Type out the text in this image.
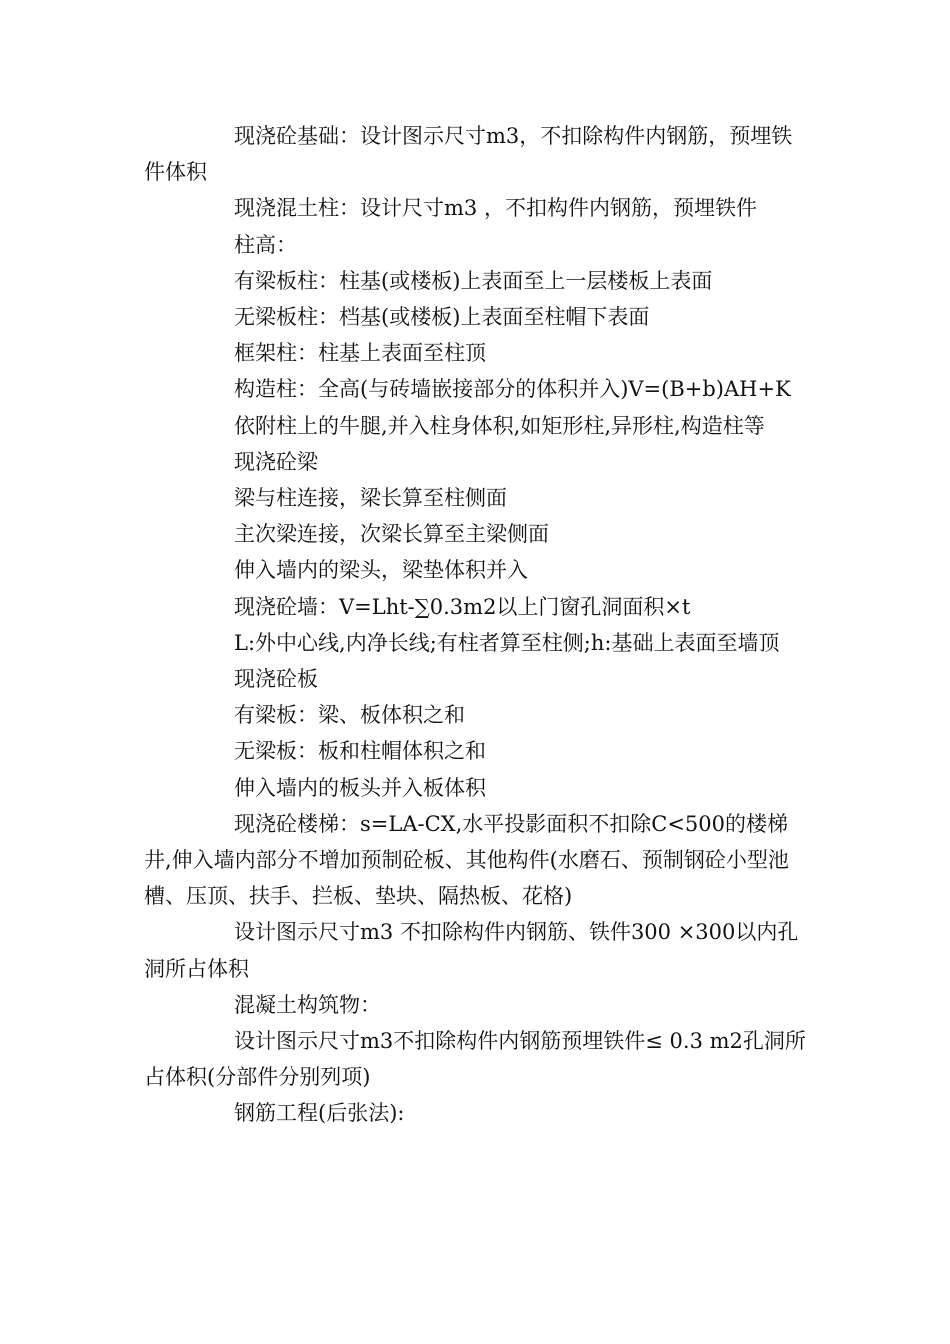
现浇砼基础：设计图示尺寸m3，不扣除构件内钢筋，预埋铁件体积

现浇混土柱：设计尺寸m3 ，不扣构件内钢筋，预埋铁件

柱高：

有梁板柱：柱基(或楼板)上表面至上一层楼板上表面

无梁板柱：档基(或楼板)上表面至柱帽下表面

框架柱：柱基上表面至柱顶

构造柱：全高(与砖墙嵌接部分的体积并入)V=(B+b)AH+K

依附柱上的牛腿,并入柱身体积,如矩形柱,异形柱,构造柱等

现浇砼梁

梁与柱连接，梁长算至柱侧面

主次梁连接，次梁长算至主梁侧面

伸入墙内的梁头，梁垫体积并入

现浇砼墙：V=Lht-∑0.3m2以上门窗孔洞面积×t

L:外中心线,内净长线;有柱者算至柱侧;h:基础上表面至墙顶

现浇砼板

有梁板：梁、板体积之和

无梁板：板和柱帽体积之和

伸入墙内的板头并入板体积

现浇砼楼梯：s=LA-CX,水平投影面积不扣除C<500的楼梯井,伸入墙内部分不增加预制砼板、其他构件(水磨石、预制钢砼小型池槽、压顶、扶手、拦板、垫块、隔热板、花格)

设计图示尺寸m3 不扣除构件内钢筋、铁件300 ×300以内孔洞所占体积

混凝土构筑物：

设计图示尺寸m3不扣除构件内钢筋预埋铁件≤ 0.3 m2孔洞所占体积(分部件分别列项)

钢筋工程(后张法):
